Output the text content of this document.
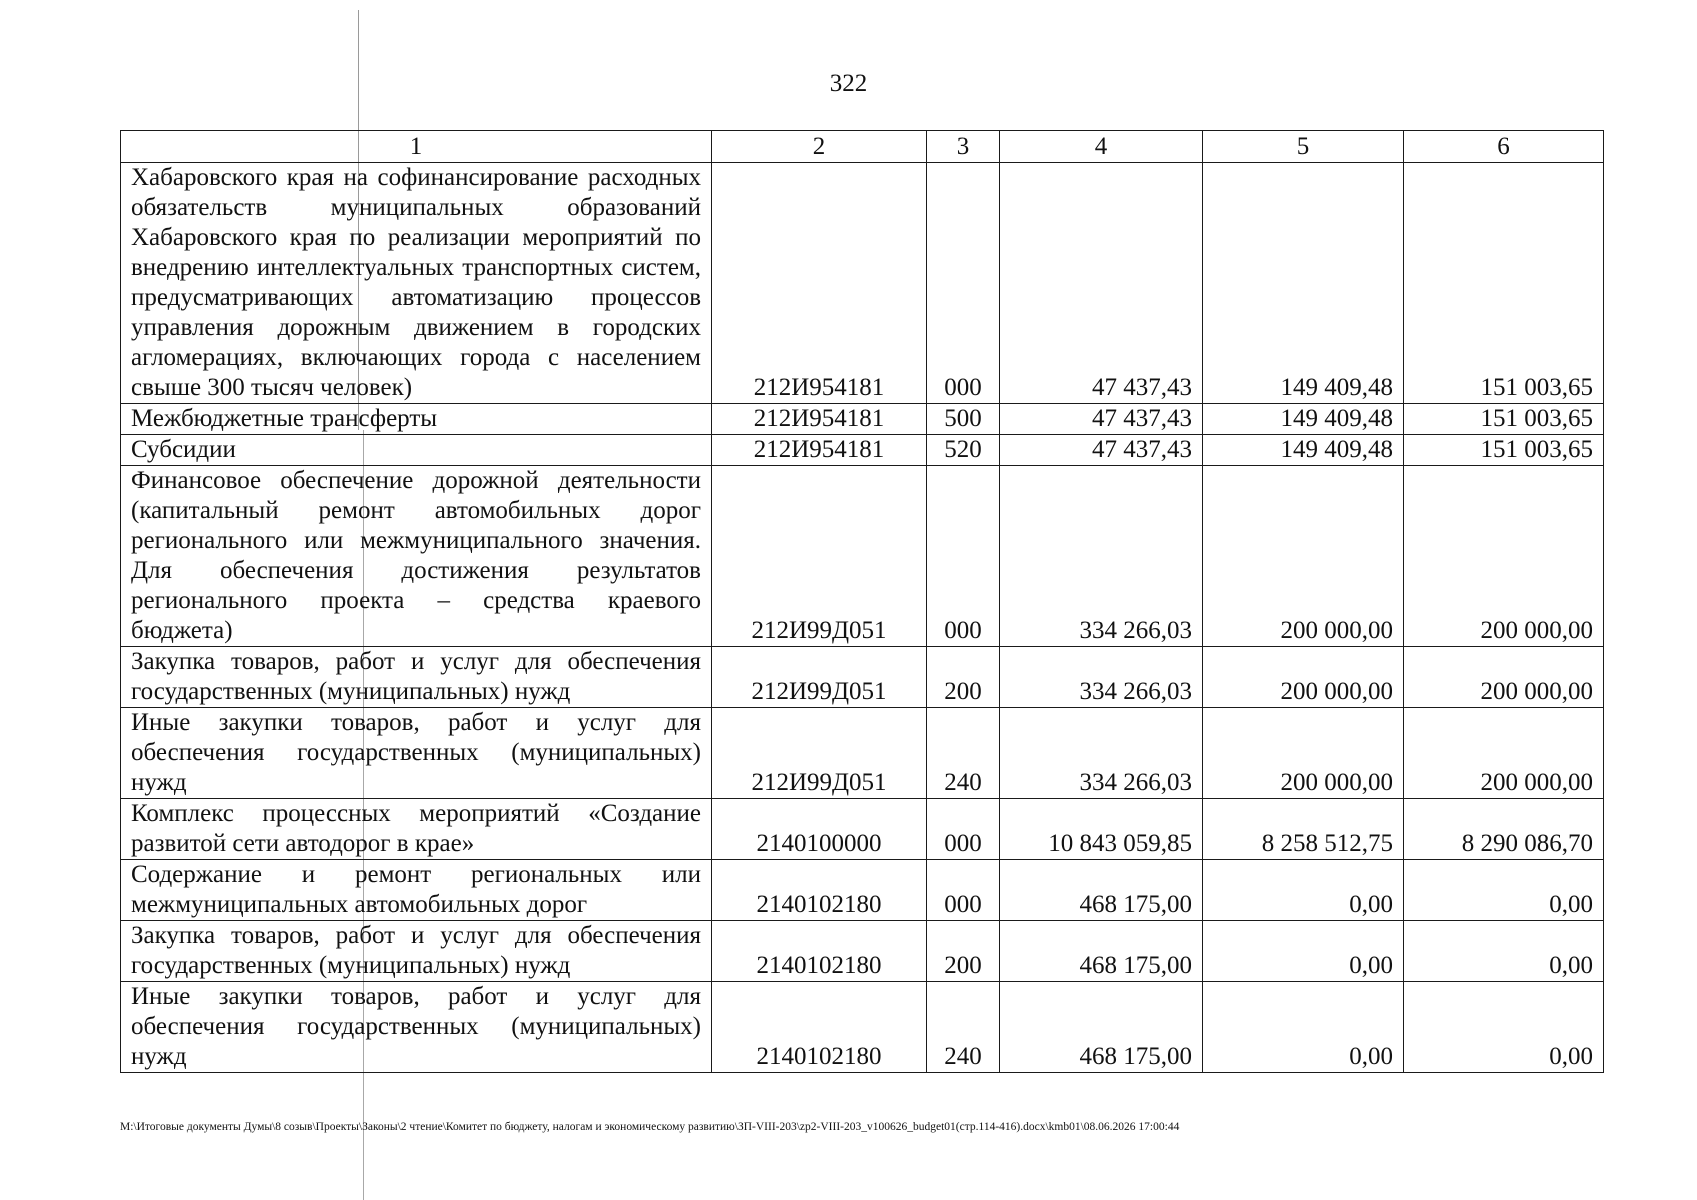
322
1	2	3	4	5	6
Хабаровского края на софинансирование расходных обязательств муниципальных образований Хабаровского края по реализации мероприятий по внедрению интеллектуальных транспортных систем, предусматривающих автоматизацию процессов управления дорожным движением в городских агломерациях, включающих города с населением свыше 300 тысяч человек)	212И954181	000	47 437,43	149 409,48	151 003,65
Межбюджетные трансферты	212И954181	500	47 437,43	149 409,48	151 003,65
Субсидии	212И954181	520	47 437,43	149 409,48	151 003,65
Финансовое обеспечение дорожной деятельности (капитальный ремонт автомобильных дорог регионального или межмуниципального значения. Для обеспечения достижения результатов регионального проекта – средства краевого бюджета)	212И99Д051	000	334 266,03	200 000,00	200 000,00
Закупка товаров, работ и услуг для обеспечения государственных (муниципальных) нужд	212И99Д051	200	334 266,03	200 000,00	200 000,00
Иные закупки товаров, работ и услуг для обеспечения государственных (муниципальных) нужд	212И99Д051	240	334 266,03	200 000,00	200 000,00
Комплекс процессных мероприятий «Создание развитой сети автодорог в крае»	2140100000	000	10 843 059,85	8 258 512,75	8 290 086,70
Содержание и ремонт региональных или межмуниципальных автомобильных дорог	2140102180	000	468 175,00	0,00	0,00
Закупка товаров, работ и услуг для обеспечения государственных (муниципальных) нужд	2140102180	200	468 175,00	0,00	0,00
Иные закупки товаров, работ и услуг для обеспечения государственных (муниципальных) нужд	2140102180	240	468 175,00	0,00	0,00
М:\Итоговые документы Думы\8 созыв\Проекты\Законы\2 чтение\Комитет по бюджету, налогам и экономическому развитию\ЗП-VIII-203\zp2-VIII-203_v100626_budget01(стр.114-416).docx\kmb01\08.06.2026 17:00:44
